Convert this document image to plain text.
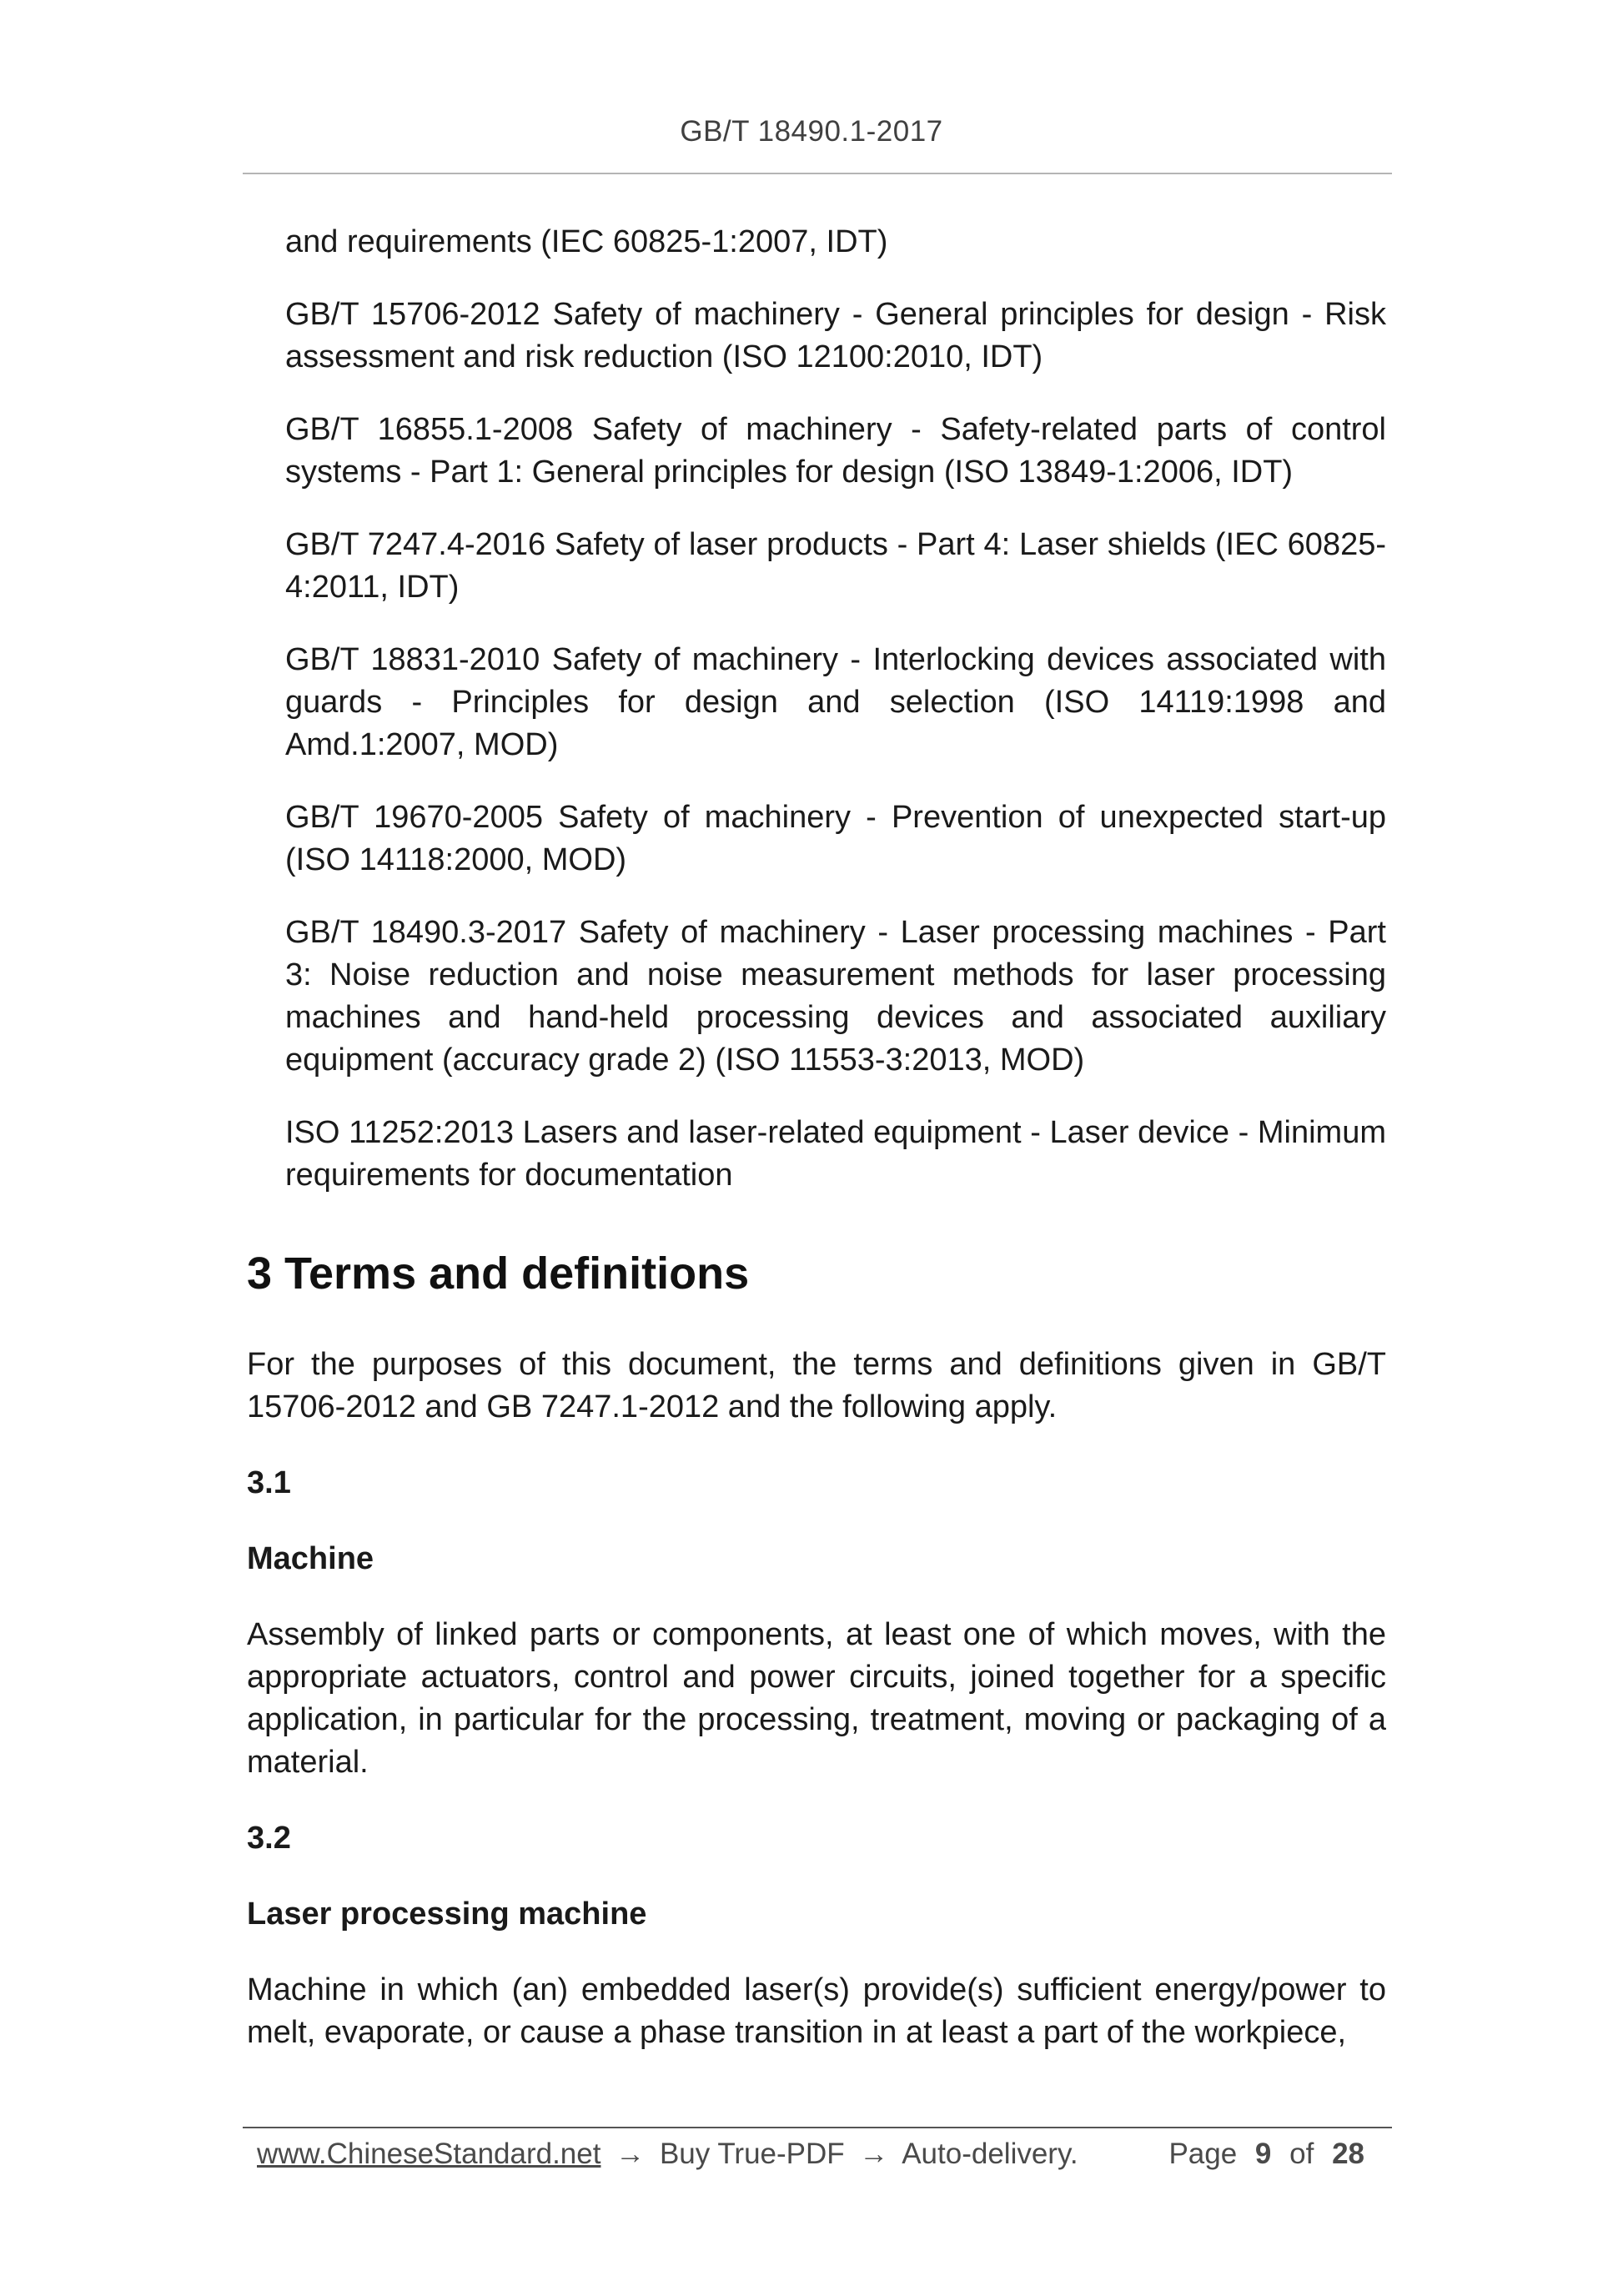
GB/T 18490.1-2017
and requirements (IEC 60825-1:2007, IDT)
GB/T 15706-2012 Safety of machinery - General principles for design - Risk assessment and risk reduction (ISO 12100:2010, IDT)
GB/T 16855.1-2008 Safety of machinery - Safety-related parts of control systems - Part 1: General principles for design (ISO 13849-1:2006, IDT)
GB/T 7247.4-2016 Safety of laser products - Part 4: Laser shields (IEC 60825-4:2011, IDT)
GB/T 18831-2010 Safety of machinery - Interlocking devices associated with guards - Principles for design and selection (ISO 14119:1998 and Amd.1:2007, MOD)
GB/T 19670-2005 Safety of machinery - Prevention of unexpected start-up (ISO 14118:2000, MOD)
GB/T 18490.3-2017 Safety of machinery - Laser processing machines - Part 3: Noise reduction and noise measurement methods for laser processing machines and hand-held processing devices and associated auxiliary equipment (accuracy grade 2) (ISO 11553-3:2013, MOD)
ISO 11252:2013 Lasers and laser-related equipment - Laser device - Minimum requirements for documentation
3 Terms and definitions

For the purposes of this document, the terms and definitions given in GB/T 15706-2012 and GB 7247.1-2012 and the following apply.

3.1
Machine

Assembly of linked parts or components, at least one of which moves, with the appropriate actuators, control and power circuits, joined together for a specific application, in particular for the processing, treatment, moving or packaging of a material.

3.2
Laser processing machine

Machine in which (an) embedded laser(s) provide(s) sufficient energy/power to melt, evaporate, or cause a phase transition in at least a part of the workpiece,

www.ChineseStandard.net → Buy True-PDF → Auto-delivery.	Page 9 of 28
